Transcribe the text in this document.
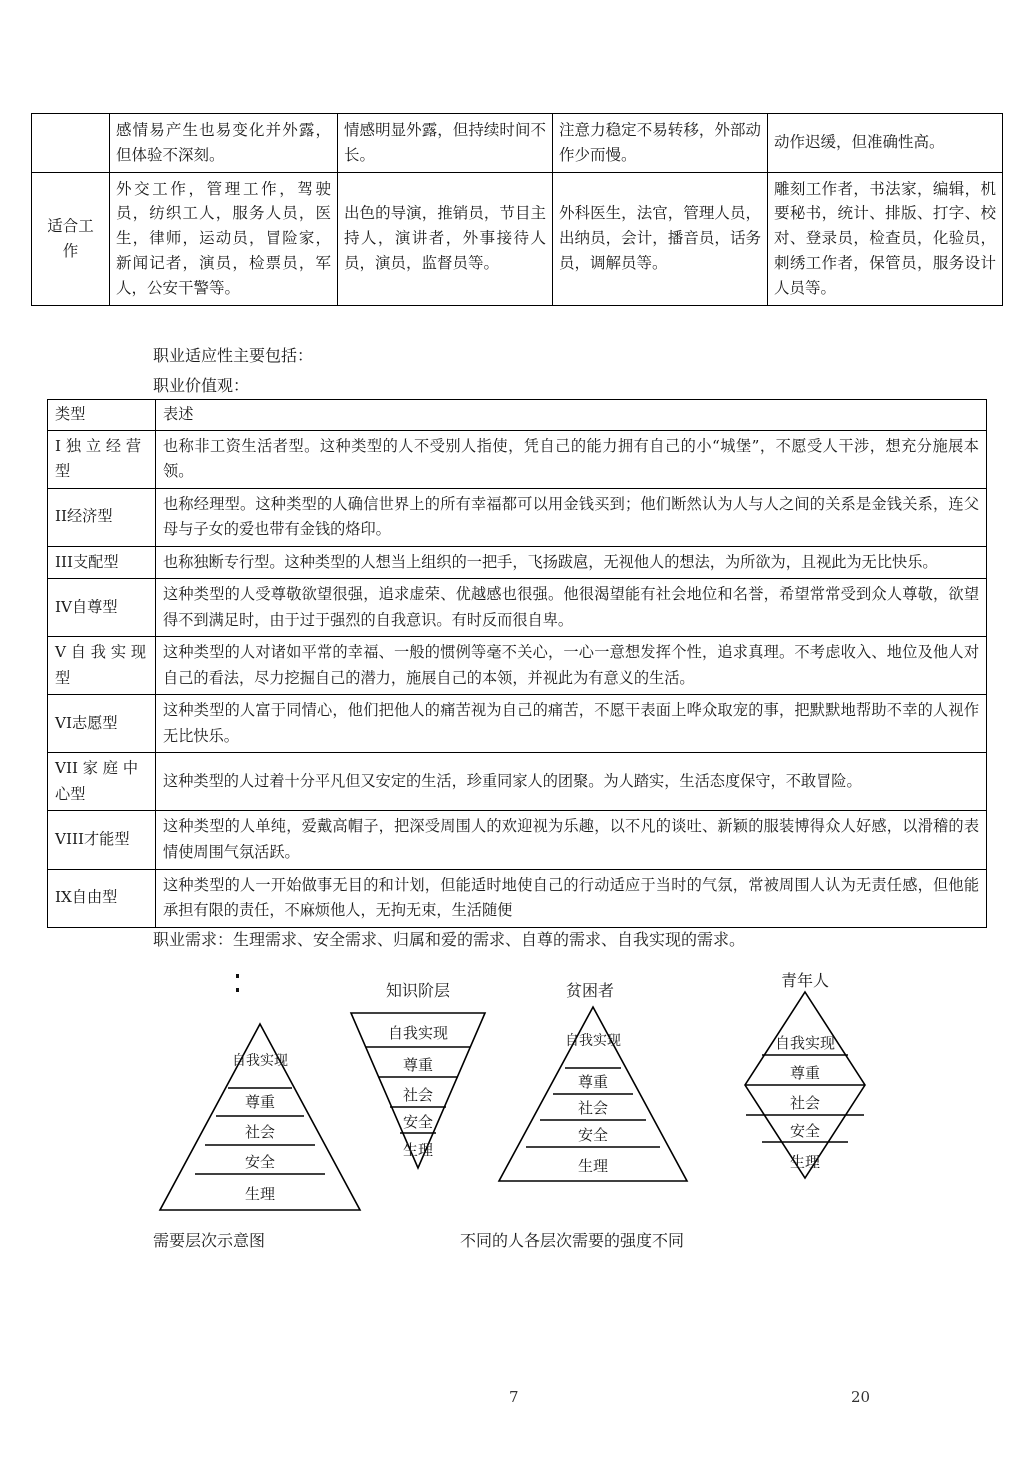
	感情易产生也易变化并外露，但体验不深刻。	情感明显外露，但持续时间不长。	注意力稳定不易转移，外部动作少而慢。	动作迟缓，但准确性高。
适合工作	外交工作，管理工作，驾驶员，纺织工人，服务人员，医生，律师，运动员，冒险家，新闻记者，演员，检票员，军人，公安干警等。	出色的导演，推销员，节目主持人，演讲者，外事接待人员，演员，监督员等。	外科医生，法官，管理人员，出纳员，会计，播音员，话务员，调解员等。	雕刻工作者，书法家，编辑，机要秘书，统计、排版、打字、校对、登录员，检查员，化验员，刺绣工作者，保管员，服务设计人员等。
职业适应性主要包括：
职业价值观：
类型	表述
I 独 立 经 营型	也称非工资生活者型。这种类型的人不受别人指使，凭自己的能力拥有自己的小“城堡”，不愿受人干涉，想充分施展本领。
II经济型	也称经理型。这种类型的人确信世界上的所有幸福都可以用金钱买到；他们断然认为人与人之间的关系是金钱关系，连父母与子女的爱也带有金钱的烙印。
III支配型	也称独断专行型。这种类型的人想当上组织的一把手，飞扬跋扈，无视他人的想法，为所欲为，且视此为无比快乐。
IV自尊型	这种类型的人受尊敬欲望很强，追求虚荣、优越感也很强。他很渴望能有社会地位和名誉，希望常常受到众人尊敬，欲望得不到满足时，由于过于强烈的自我意识。有时反而很自卑。
V 自 我 实 现型	这种类型的人对诸如平常的幸福、一般的惯例等毫不关心，一心一意想发挥个性，追求真理。不考虑收入、地位及他人对自己的看法，尽力挖掘自己的潜力，施展自己的本领，并视此为有意义的生活。
VI志愿型	这种类型的人富于同情心，他们把他人的痛苦视为自己的痛苦，不愿干表面上哗众取宠的事，把默默地帮助不幸的人视作无比快乐。
VII 家 庭 中心型	这种类型的人过着十分平凡但又安定的生活，珍重同家人的团聚。为人踏实，生活态度保守，不敢冒险。
VIII才能型	这种类型的人单纯，爱戴高帽子，把深受周围人的欢迎视为乐趣，以不凡的谈吐、新颖的服装博得众人好感，以滑稽的表情使周围气氛活跃。
IX自由型	这种类型的人一开始做事无目的和计划，但能适时地使自己的行动适应于当时的气氛，常被周围人认为无责任感，但他能承担有限的责任，不麻烦他人，无拘无束，生活随便
职业需求：生理需求、安全需求、归属和爱的需求、自尊的需求、自我实现的需求。
自我实现
尊重
社会
安全
生理
知识阶层
自我实现
尊重
社会
安全
生理
贫困者
自我实现
尊重
社会
安全
生理
青年人
自我实现
尊重
社会
安全
生理
需要层次示意图	不同的人各层次需要的强度不同
7	20
